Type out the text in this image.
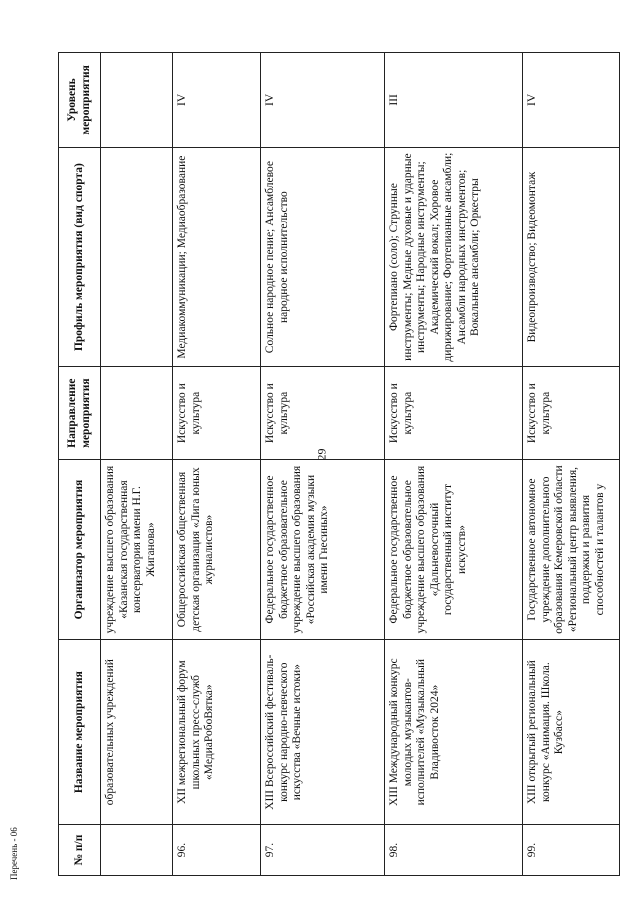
29
№ п/п	Название мероприятия	Организатор мероприятия	Направление мероприятия	Профиль мероприятия (вид спорта)	Уровень мероприятия
	образовательных учреждений	учреждение высшего образования «Казанская государственная консерватория имени Н.Г. Жиганова»			
96.	XII межрегиональный форум школьных пресс-служб «МедиаРобоВятка»	Общероссийская общественная детская организация «Лига юных журналистов»	Искусство и культура	Медиакоммуникации; Медиаобразование	IV
97.	XIII Всероссийский фестиваль-конкурс народно-певческого искусства «Вечные истоки»	Федеральное государственное бюджетное образовательное учреждение высшего образования «Российская академия музыки имени Гнесиных»	Искусство и культура	Сольное народное пение; Ансамблевое народное исполнительство	IV
98.	XIII Международный конкурс молодых музыкантов-исполнителей «Музыкальный Владивосток 2024»	Федеральное государственное бюджетное образовательное учреждение высшего образования «Дальневосточный государственный институт искусств»	Искусство и культура	Фортепиано (соло); Струнные инструменты; Медные духовые и ударные инструменты; Народные инструменты; Академический вокал; Хоровое дирижирование; Фортепианные ансамбли; Ансамбли народных инструментов; Вокальные ансамбли; Оркестры	III
99.	XIII открытый региональный конкурс «Анимация. Школа. Кузбасс»	Государственное автономное учреждение дополнительного образования Кемеровской области «Региональный центр выявления, поддержки и развития способностей и талантов у	Искусство и культура	Видеопроизводство; Видеомонтаж	IV
Перечень - 06
